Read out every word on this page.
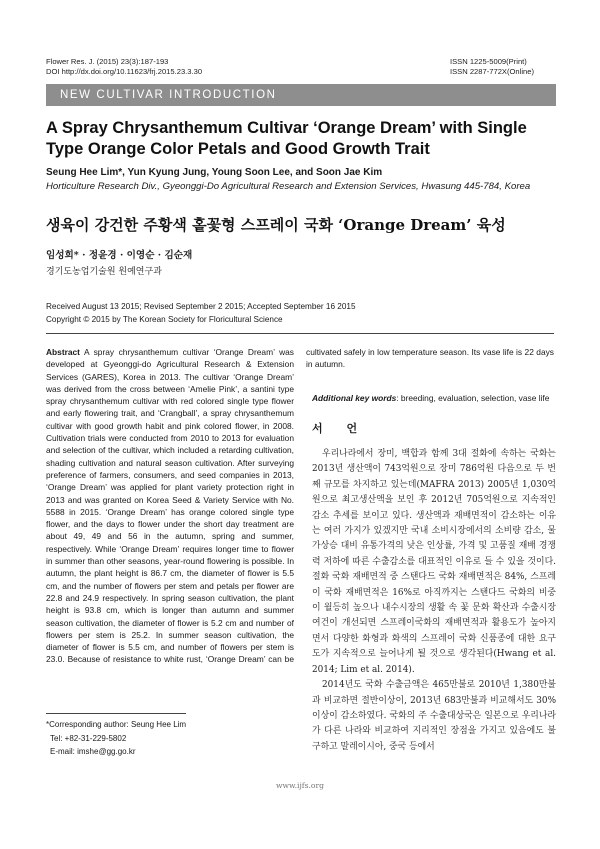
Flower Res. J. (2015) 23(3):187-193
DOI http://dx.doi.org/10.11623/frj.2015.23.3.30
ISSN 1225-5009(Print)
ISSN 2287-772X(Online)
NEW CULTIVAR INTRODUCTION
A Spray Chrysanthemum Cultivar ‘Orange Dream’ with Single Type Orange Color Petals and Good Growth Trait
Seung Hee Lim*, Yun Kyung Jung, Young Soon Lee, and Soon Jae Kim
Horticulture Research Div., Gyeonggi-Do Agricultural Research and Extension Services, Hwasung 445-784, Korea
생육이 강건한 주황색 홑꽃형 스프레이 국화 ‘Orange Dream’ 육성
임성희* · 정윤경 · 이영순 · 김순재
경기도농업기술원 원예연구과
Received August 13 2015; Revised September 2 2015; Accepted September 16 2015
Copyright © 2015 by The Korean Society for Floricultural Science
Abstract A spray chrysanthemum cultivar ‘Orange Dream’ was developed at Gyeonggi-do Agricultural Research & Extension Services (GARES), Korea in 2013. The cultivar ‘Orange Dream’ was derived from the cross between ‘Amelie Pink’, a santini type spray chrysanthemum cultivar with red colored single type flower and early flowering trait, and ‘Crangball’, a spray chrysanthemum cultivar with good growth habit and pink colored flower, in 2008. Cultivation trials were conducted from 2010 to 2013 for evaluation and selection of the cultivar, which included a retarding cultivation, shading cultivation and natural season cultivation. After surveying preference of farmers, consumers, and seed companies in 2013, ‘Orange Dream’ was applied for plant variety protection right in 2013 and was granted on Korea Seed & Variety Service with No. 5588 in 2015. ‘Orange Dream’ has orange colored single type flower, and the days to flower under the short day treatment are about 49, 49 and 56 in the autumn, spring and summer, respectively. While ‘Orange Dream’ requires longer time to flower in summer than other seasons, year-round flowering is possible. In autumn, the plant height is 86.7 cm, the diameter of flower is 5.5 cm, and the number of flowers per stem and petals per flower are 22.8 and 24.9 respectively. In spring season cultivation, the plant height is 93.8 cm, which is longer than autumn and summer season cultivation, the diameter of flower is 5.2 cm and number of flowers per stem is 25.2. In summer season cultivation, the diameter of flower is 5.5 cm, and number of flowers per stem is 23.0. Because of resistance to white rust, ‘Orange Dream’ can be cultivated safely in low temperature season. Its vase life is 22 days in autumn.
Additional key words: breeding, evaluation, selection, vase life
서 언

우리나라에서 장미, 백합과 함께 3대 절화에 속하는 국화는 2013년 생산액이 743억원으로 장미 786억원 다음으로 두 번째 규모를 차지하고 있는데(MAFRA 2013) 2005년 1,030억원으로 최고생산액을 보인 후 2012년 705억원으로 지속적인 감소 추세를 보이고 있다. 생산액과 재배면적이 감소하는 이유는 여러 가지가 있겠지만 국내 소비시장에서의 소비량 감소, 물가상승 대비 유통가격의 낮은 인상률, 가격 및 고품질 재배 경쟁력 저하에 따른 수출감소를 대표적인 이유로 들 수 있을 것이다. 절화 국화 재배면적 중 스탠다드 국화 재배면적은 84%, 스프레이 국화 재배면적은 16%로 아직까지는 스탠다드 국화의 비중이 월등히 높으나 내수시장의 생활 속 꽃 문화 확산과 수출시장 여건이 개선되면 스프레이국화의 재배면적과 활용도가 높아지면서 다양한 화형과 화색의 스프레이 국화 신품종에 대한 요구도가 지속적으로 늘어나게 될 것으로 생각된다(Hwang et al. 2014; Lim et al. 2014).

2014년도 국화 수출금액은 465만불로 2010년 1,380만불과 비교하면 절반이상이, 2013년 683만불과 비교해서도 30%이상이 감소하였다. 국화의 주 수출대상국은 일본으로 우리나라가 다른 나라와 비교하여 지리적인 장점을 가지고 있음에도 불구하고 말레이시아, 중국 등에서

*Corresponding author: Seung Hee Lim
Tel: +82-31-229-5802
E-mail: imshe@gg.go.kr
www.ijfs.org
